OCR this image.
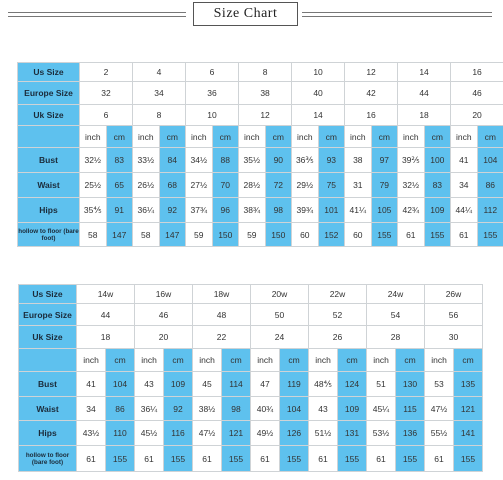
Size Chart
Us Size	2		4		6		8		10		12		14		16	
Europe Size	32		34		36		38		40		42		44		46	
Uk Size	6		8		10		12		14		16		18		20	
	inch	cm	inch	cm	inch	cm	inch	cm	inch	cm	inch	cm	inch	cm	inch	cm
Bust	32½	83	33½	84	34½	88	35½	90	36⅗	93	38	97	39⅖	100	41	104
Waist	25½	65	26½	68	27½	70	28½	72	29½	75	31	79	32½	83	34	86
Hips	35⅘	91	36¼	92	37¾	96	38¾	98	39¾	101	41¼	105	42¾	109	44¼	112
hollow to floor (bare foot)	58	147	58	147	59	150	59	150	60	152	60	155	61	155	61	155
Us Size	14w		16w		18w		20w		22w		24w		26w	
Europe Size	44		46		48		50		52		54		56	
Uk Size	18		20		22		24		26		28		30	
	inch	cm	inch	cm	inch	cm	inch	cm	inch	cm	inch	cm	inch	cm
Bust	41	104	43	109	45	114	47	119	48⅘	124	51	130	53	135
Waist	34	86	36¼	92	38½	98	40¾	104	43	109	45¼	115	47½	121
Hips	43½	110	45½	116	47½	121	49½	126	51½	131	53½	136	55½	141
hollow to floor (bare foot)	61	155	61	155	61	155	61	155	61	155	61	155	61	155
